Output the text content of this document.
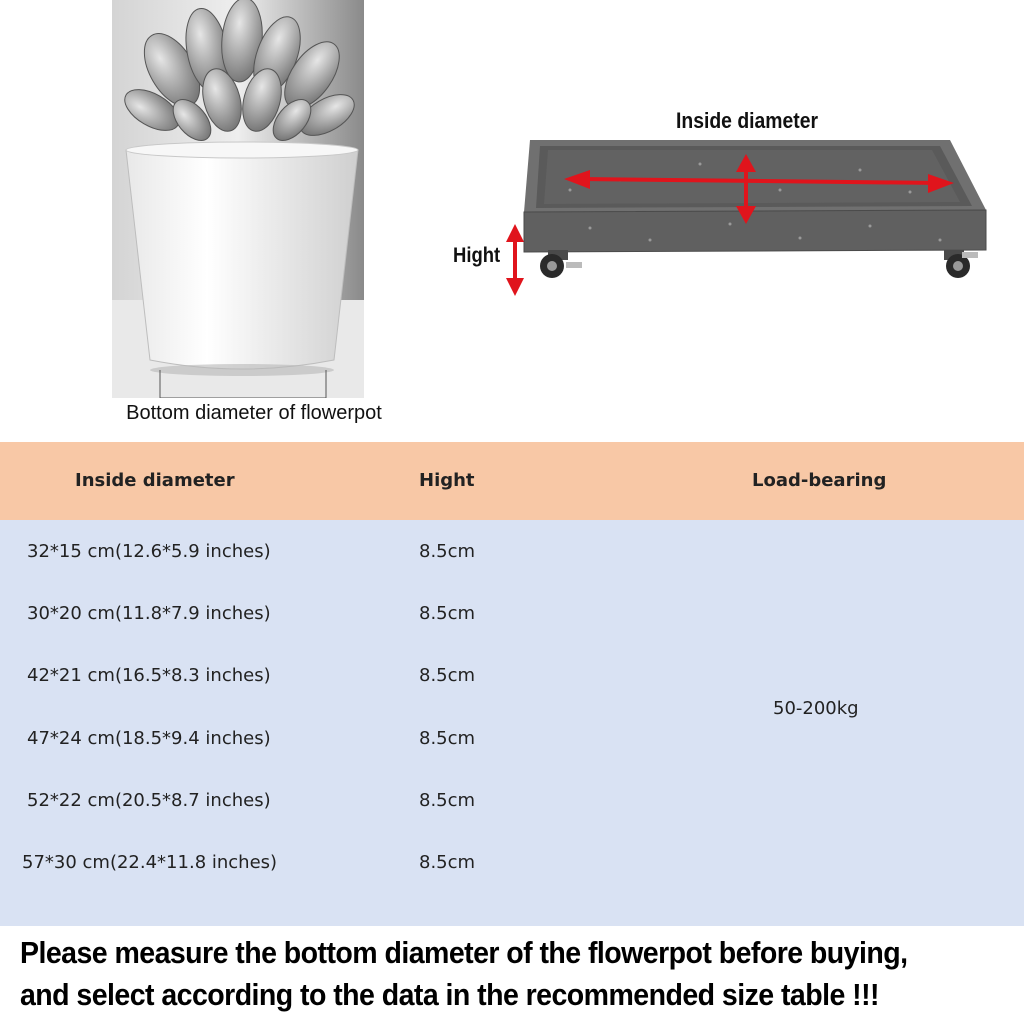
Bottom diameter of flowerpot
Inside diameter
Hight
Inside diameter	Hight	Load-bearing
32*15 cm(12.6*5.9 inches)	8.5cm
30*20 cm(11.8*7.9 inches)	8.5cm
42*21 cm(16.5*8.3 inches)	8.5cm
47*24 cm(18.5*9.4 inches)	8.5cm
52*22 cm(20.5*8.7 inches)	8.5cm
57*30 cm(22.4*11.8 inches)	8.5cm
50-200kg
Please measure the bottom diameter of the flowerpot before buying, and select according to the data in the recommended size table !!!
